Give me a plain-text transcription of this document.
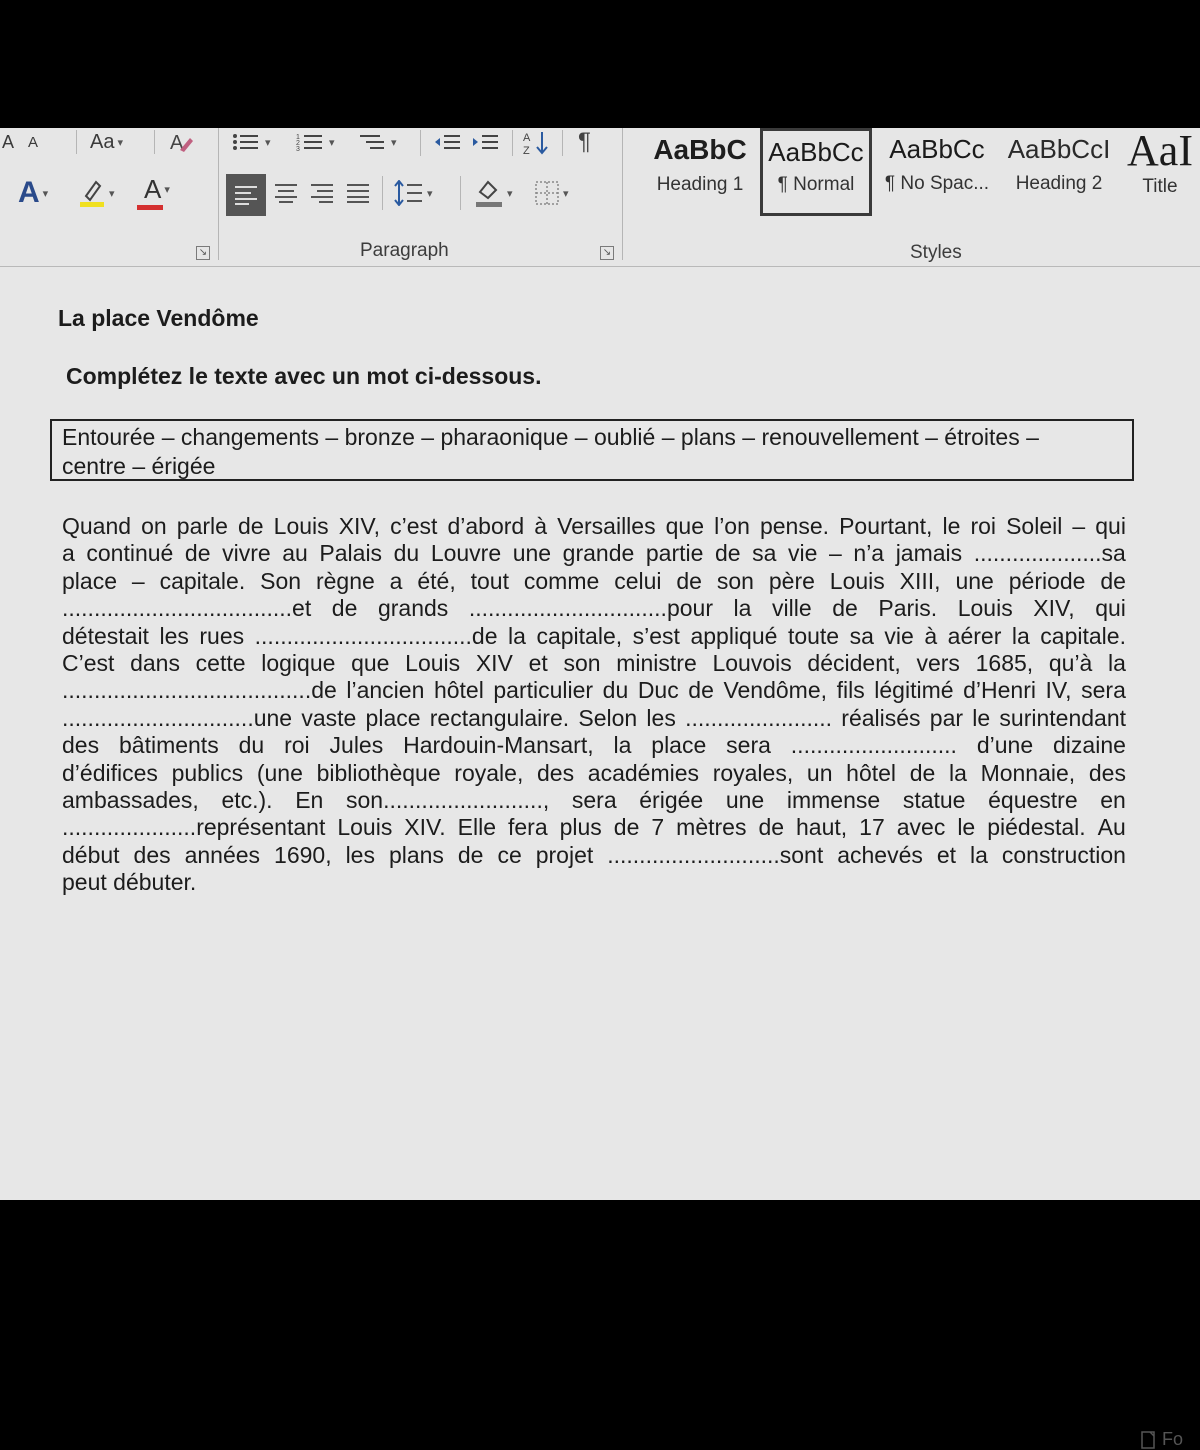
A A	Aa ▾ A
A ▾	▾ A ▾
↘
▾	1
2
3
▾	▾	A
Z ¶
▾	▾	▾
Paragraph	↘
AaBbC
Heading 1
AaBbCc
¶ Normal
AaBbCc
¶ No Spac...
AaBbCcI
Heading 2
AaI
Title
Styles
La place Vendôme
Complétez le texte avec un mot ci-dessous.
Entourée – changements – bronze – pharaonique – oublié – plans – renouvellement – étroites –
centre – érigée
Quand on parle de Louis XIV, c’est d’abord à Versailles que l’on pense. Pourtant, le roi Soleil – qui
a continué de vivre au Palais du Louvre une grande partie de sa vie – n’a jamais ....................sa
place – capitale. Son règne a été, tout comme celui de son père Louis XIII, une période de
....................................et de grands ...............................pour la ville de Paris. Louis XIV, qui
détestait les rues ..................................de la capitale, s’est appliqué toute sa vie à aérer la capitale.
C’est dans cette logique que Louis XIV et son ministre Louvois décident, vers 1685, qu’à la
.......................................de l’ancien hôtel particulier du Duc de Vendôme, fils légitimé d’Henri IV, sera
..............................une vaste place rectangulaire. Selon les ....................... réalisés par le surintendant
des bâtiments du roi Jules Hardouin-Mansart, la place sera .......................... d’une dizaine
d’édifices publics (une bibliothèque royale, des académies royales, un hôtel de la Monnaie, des
ambassades, etc.). En son........................., sera érigée une immense statue équestre en
.....................représentant Louis XIV. Elle fera plus de 7 mètres de haut, 17 avec le piédestal. Au
début des années 1690, les plans de ce projet ...........................sont achevés et la construction
peut débuter.
Fo
